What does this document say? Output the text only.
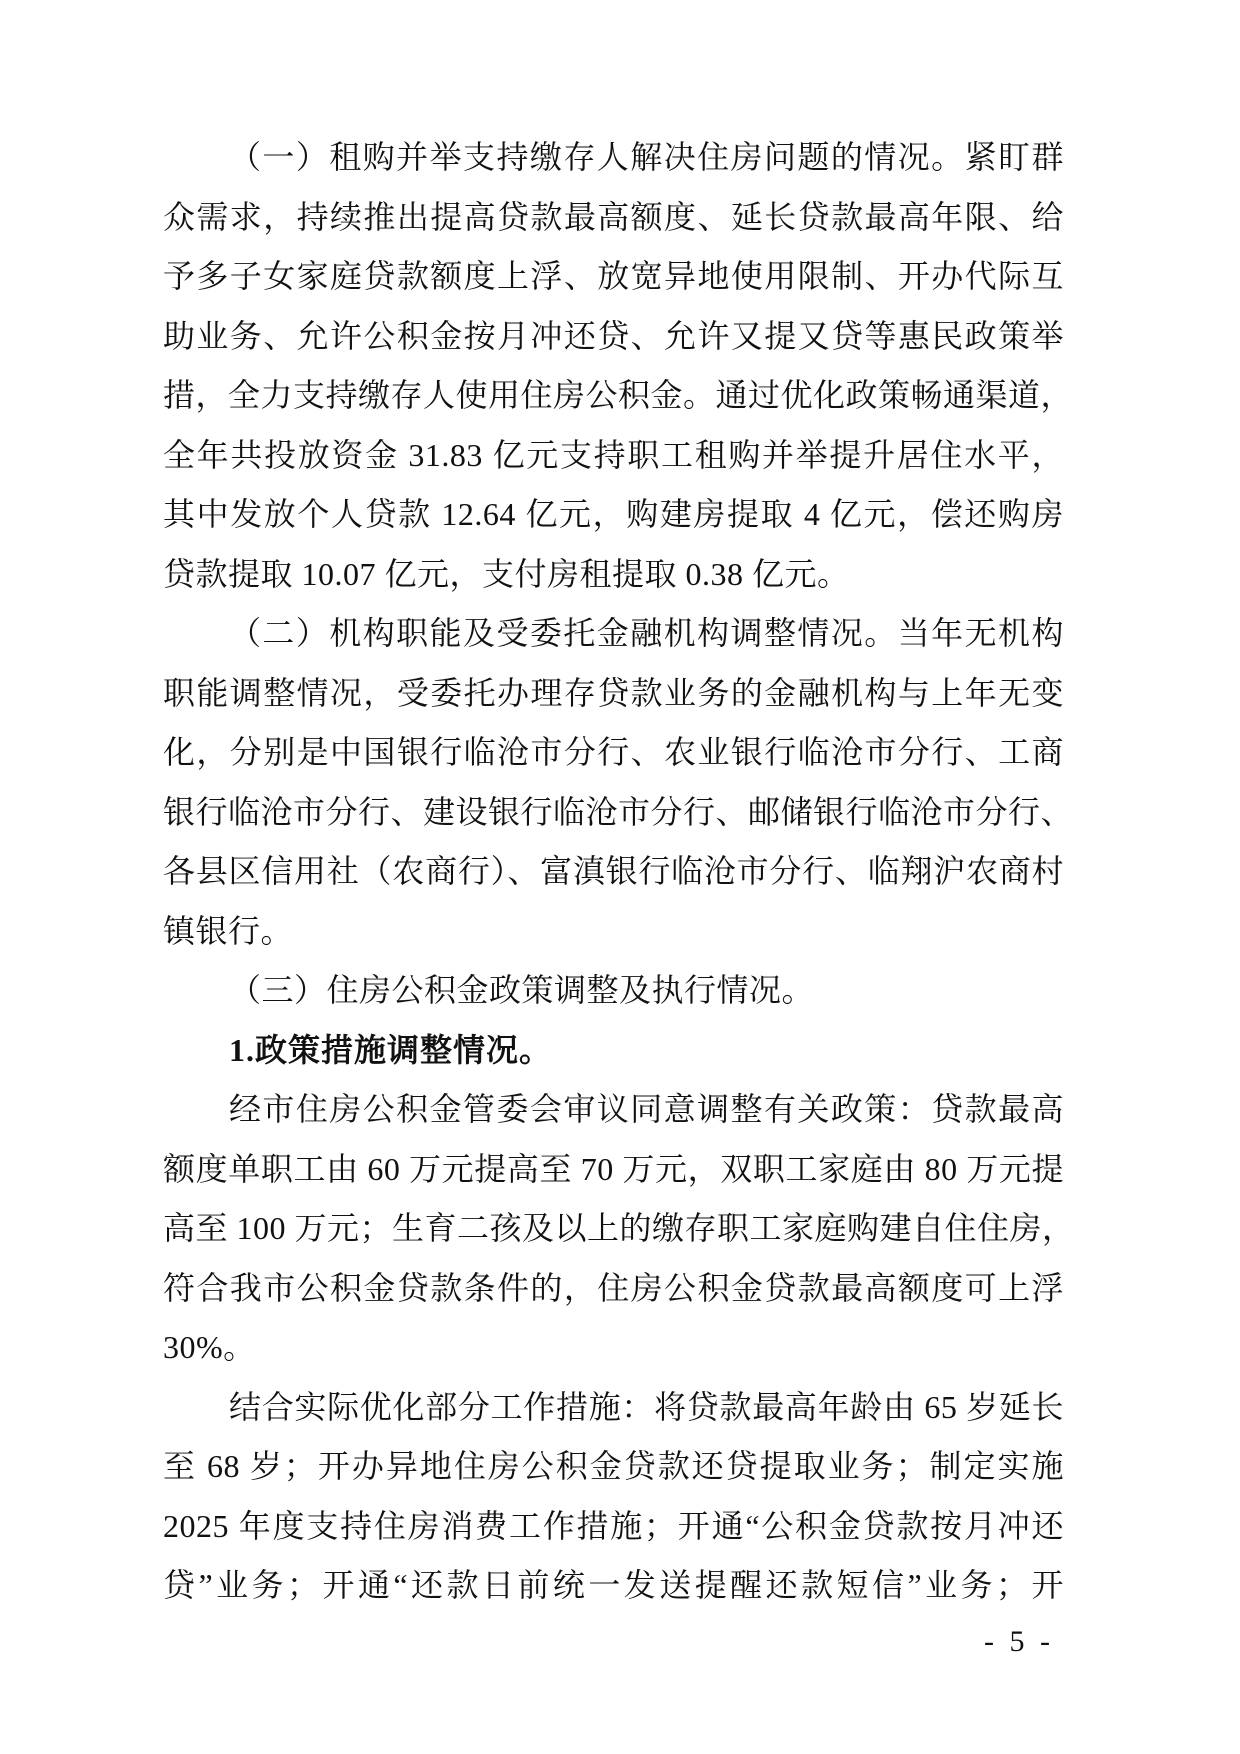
（一）租购并举支持缴存人解决住房问题的情况。紧盯群
众需求，持续推出提高贷款最高额度、延长贷款最高年限、给
予多子女家庭贷款额度上浮、放宽异地使用限制、开办代际互
助业务、允许公积金按月冲还贷、允许又提又贷等惠民政策举
措，全力支持缴存人使用住房公积金。通过优化政策畅通渠道，
全年共投放资金 31.83 亿元支持职工租购并举提升居住水平，
其中发放个人贷款 12.64 亿元，购建房提取 4 亿元，偿还购房
贷款提取 10.07 亿元，支付房租提取 0.38 亿元。
（二）机构职能及受委托金融机构调整情况。当年无机构
职能调整情况，受委托办理存贷款业务的金融机构与上年无变
化，分别是中国银行临沧市分行、农业银行临沧市分行、工商
银行临沧市分行、建设银行临沧市分行、邮储银行临沧市分行、
各县区信用社（农商行）、富滇银行临沧市分行、临翔沪农商村
镇银行。
（三）住房公积金政策调整及执行情况。
1.政策措施调整情况。
经市住房公积金管委会审议同意调整有关政策：贷款最高
额度单职工由 60 万元提高至 70 万元，双职工家庭由 80 万元提
高至 100 万元；生育二孩及以上的缴存职工家庭购建自住住房，
符合我市公积金贷款条件的，住房公积金贷款最高额度可上浮
30%。
结合实际优化部分工作措施：将贷款最高年龄由 65 岁延长
至 68 岁；开办异地住房公积金贷款还贷提取业务；制定实施
2025 年度支持住房消费工作措施；开通“公积金贷款按月冲还
贷”业务；开通“还款日前统一发送提醒还款短信”业务；开
- 5 -
